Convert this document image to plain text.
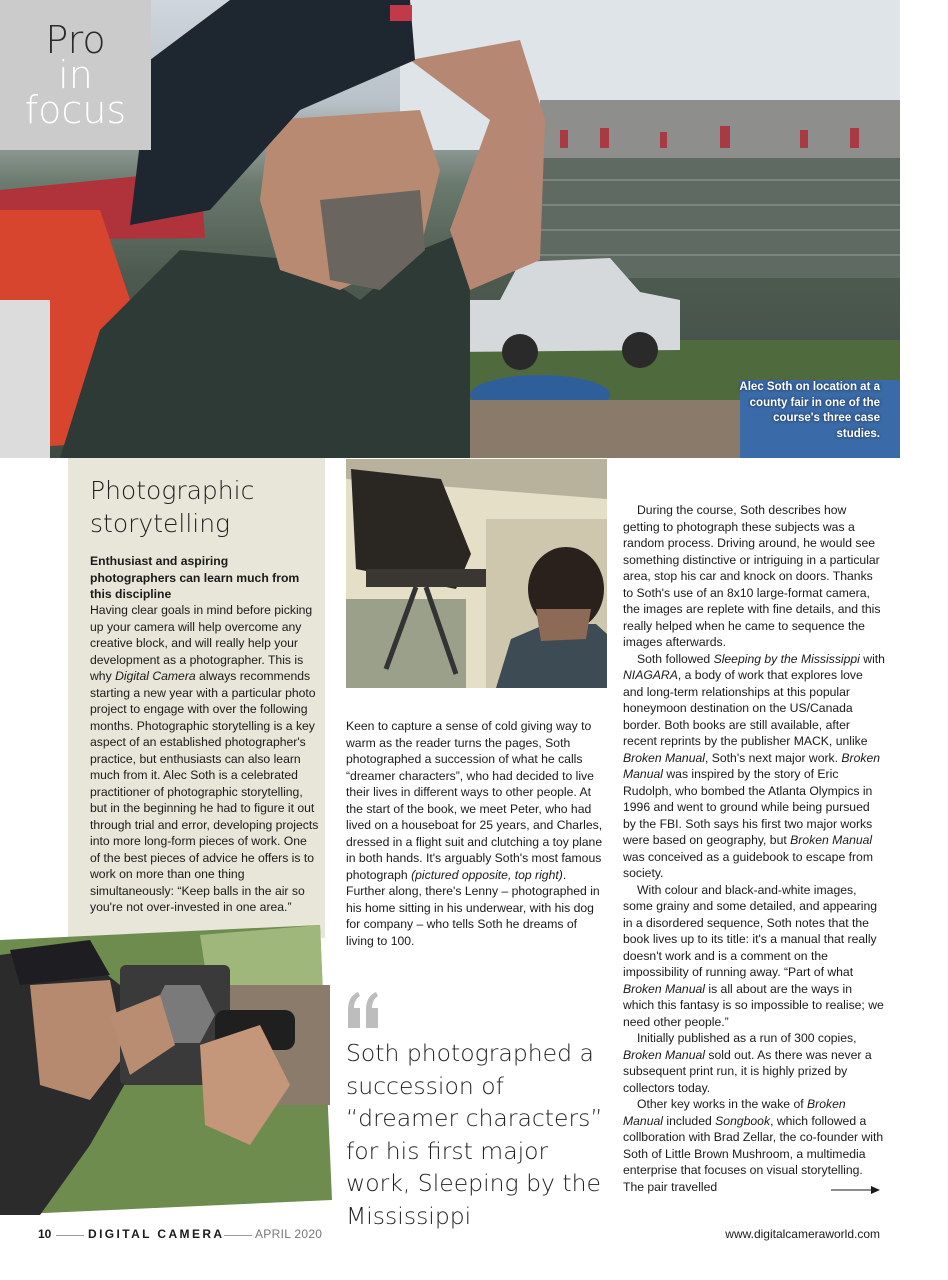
Alec Soth on location at a county fair in one of the course's three case studies.
Pro
in
focus
Photographic storytelling
Enthusiast and aspiring photographers can learn much from this discipline
Having clear goals in mind before picking up your camera will help overcome any creative block, and will really help your development as a photographer. This is why Digital Camera always recommends starting a new year with a particular photo project to engage with over the following months. Photographic storytelling is a key aspect of an established photographer's practice, but enthusiasts can also learn much from it. Alec Soth is a celebrated practitioner of photographic storytelling, but in the beginning he had to figure it out through trial and error, developing projects into more long-form pieces of work. One of the best pieces of advice he offers is to work on more than one thing simultaneously: “Keep balls in the air so you're not over-invested in one area.”
Keen to capture a sense of cold giving way to warm as the reader turns the pages, Soth photographed a succession of what he calls “dreamer characters”, who had decided to live their lives in different ways to other people. At the start of the book, we meet Peter, who had lived on a houseboat for 25 years, and Charles, dressed in a flight suit and clutching a toy plane in both hands. It's arguably Soth's most famous photograph (pictured opposite, top right). Further along, there's Lenny – photographed in his home sitting in his underwear, with his dog for company – who tells Soth he dreams of living to 100.
Soth photographed a succession of “dreamer characters” for his first major work, Sleeping by the Mississippi

During the course, Soth describes how getting to photograph these subjects was a random process. Driving around, he would see something distinctive or intriguing in a particular area, stop his car and knock on doors. Thanks to Soth's use of an 8x10 large-format camera, the images are replete with fine details, and this really helped when he came to sequence the images afterwards.

Soth followed Sleeping by the Mississippi with NIAGARA, a body of work that explores love and long-term relationships at this popular honeymoon destination on the US/Canada border. Both books are still available, after recent reprints by the publisher MACK, unlike Broken Manual, Soth's next major work. Broken Manual was inspired by the story of Eric Rudolph, who bombed the Atlanta Olympics in 1996 and went to ground while being pursued by the FBI. Soth says his first two major works were based on geography, but Broken Manual was conceived as a guidebook to escape from society.

With colour and black-and-white images, some grainy and some detailed, and appearing in a disordered sequence, Soth notes that the book lives up to its title: it's a manual that really doesn't work and is a comment on the impossibility of running away. “Part of what Broken Manual is all about are the ways in which this fantasy is so impossible to realise; we need other people.”

Initially published as a run of 300 copies, Broken Manual sold out. As there was never a subsequent print run, it is highly prized by collectors today.

Other key works in the wake of Broken Manual included Songbook, which followed a collboration with Brad Zellar, the co-founder with Soth of Little Brown Mushroom, a multimedia enterprise that focuses on visual storytelling. The pair travelled

10	DIGITAL CAMERA	APRIL 2020	www.digitalcameraworld.com
